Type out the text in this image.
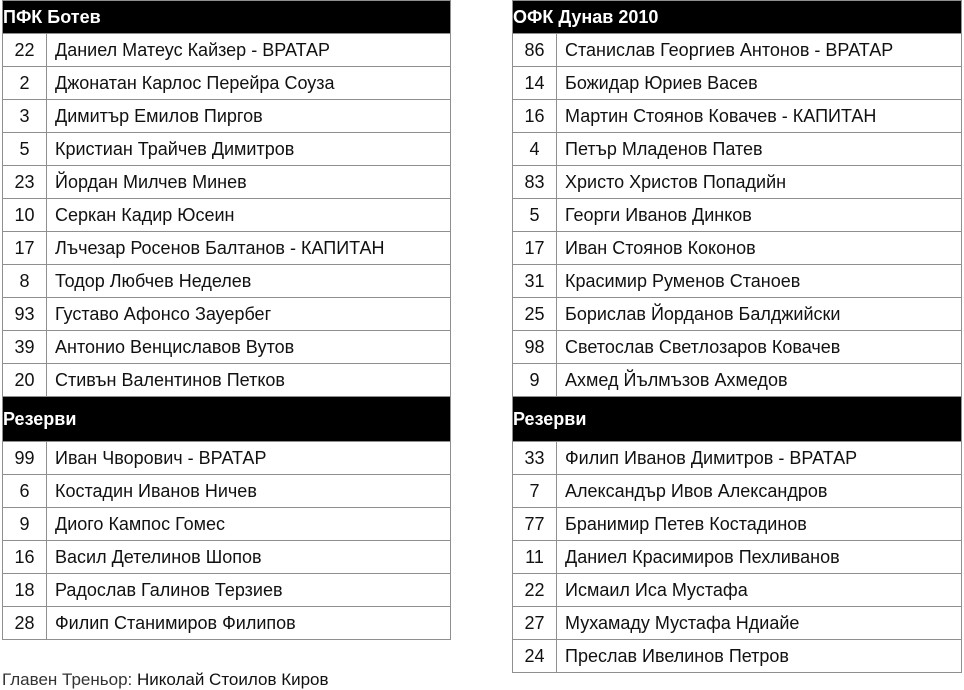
ПФК Ботев	
22	Даниел Матеус Кайзер - ВРАТАР
2	Джонатан Карлос Перейра Соуза
3	Димитър Емилов Пиргов
5	Кристиан Трайчев Димитров
23	Йордан Милчев Минев
10	Серкан Кадир Юсеин
17	Лъчезар Росенов Балтанов - КАПИТАН
8	Тодор Любчев Неделев
93	Густаво Афонсо Зауербег
39	Антонио Венциславов Вутов
20	Стивън Валентинов Петков
Резерви	
99	Иван Чворович - ВРАТАР
6	Костадин Иванов Ничев
9	Диого Кампос Гомес
16	Васил Детелинов Шопов
18	Радослав Галинов Терзиев
28	Филип Станимиров Филипов
ОФК Дунав 2010	
86	Станислав Георгиев Антонов - ВРАТАР
14	Божидар Юриев Васев
16	Мартин Стоянов Ковачев - КАПИТАН
4	Петър Младенов Патев
83	Христо Христов Попадийн
5	Георги Иванов Динков
17	Иван Стоянов Коконов
31	Красимир Руменов Станоев
25	Борислав Йорданов Балджийски
98	Светослав Светлозаров Ковачев
9	Ахмед Йълмъзов Ахмедов
Резерви	
33	Филип Иванов Димитров - ВРАТАР
7	Александър Ивов Александров
77	Бранимир Петев Костадинов
11	Даниел Красимиров Пехливанов
22	Исмаил Иса Мустафа
27	Мухамаду Мустафа Ндиайе
24	Преслав Ивелинов Петров
Главен Треньор: Николай Стоилов Киров
